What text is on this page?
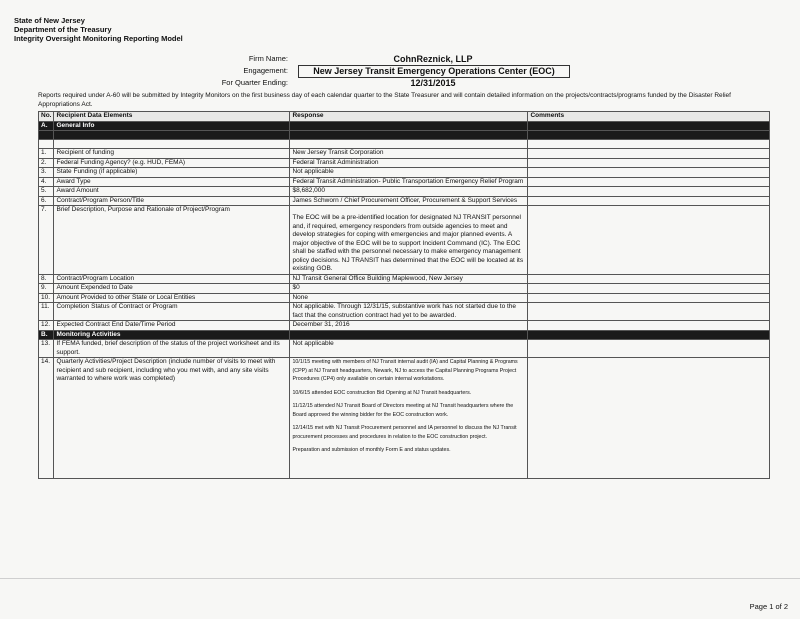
State of New Jersey
Department of the Treasury
Integrity Oversight Monitoring Reporting Model
Firm Name:	CohnReznick, LLP
Engagement:	New Jersey Transit Emergency Operations Center (EOC)
For Quarter Ending:	12/31/2015
Reports required under A-60 will be submitted by Integrity Monitors on the first business day of each calendar quarter to the State Treasurer and will contain detailed information on the projects/contracts/programs funded by the Disaster Relief Appropriations Act.
No.	Recipient Data Elements	Response	Comments
A.	General Info		

1.	Recipient of funding	New Jersey Transit Corporation	
2.	Federal Funding Agency? (e.g. HUD, FEMA)	Federal Transit Administration	
3.	State Funding (if applicable)	Not applicable	
4.	Award Type	Federal Transit Administration- Public Transportation Emergency Relief Program	
5.	Award Amount	$8,682,000	
6.	Contract/Program Person/Title	James Schworn / Chief Procurement Officer, Procurement & Support Services	
7.	Brief Description, Purpose and Rationale of Project/Program	The EOC will be a pre-identified location for designated NJ TRANSIT personnel and, if required, emergency responders from outside agencies to meet and develop strategies for coping with emergencies and major planned events. A major objective of the EOC will be to support Incident Command (IC). The EOC shall be staffed with the personnel necessary to make emergency management policy decisions. NJ TRANSIT has determined that the EOC will be located at its existing GOB.	
8.	Contract/Program Location	NJ Transit General Office Building Maplewood, New Jersey	
9.	Amount Expended to Date	$0	
10.	Amount Provided to other State or Local Entities	None	
11.	Completion Status of Contract or Program	Not applicable. Through 12/31/15, substantive work has not started due to the fact that the construction contract had yet to be awarded.	
12.	Expected Contract End Date/Time Period	December 31, 2016	
B.	Monitoring Activities		
13.	If FEMA funded, brief description of the status of the project worksheet and its support.	Not applicable	
14.	Quarterly Activities/Project Description (include number of visits to meet with recipient and sub recipient, including who you met with, and any site visits warranted to where work was completed)	10/1/15 meeting with members of NJ Transit internal audit (IA) and Capital Planning & Programs (CPP) at NJ Transit headquarters, Newark, NJ to access the Capital Planning Programs Project Procedures (CP4) only available on certain internal workstations.
10/6/15 attended EOC construction Bid Opening at NJ Transit headquarters.
11/12/15 attended NJ Transit Board of Directors meeting at NJ Transit headquarters where the Board approved the winning bidder for the EOC construction work.
12/14/15 met with NJ Transit Procurement personnel and IA personnel to discuss the NJ Transit procurement processes and procedures in relation to the EOC construction project.
Preparation and submission of monthly Form E and status updates.	

Page 1 of 2
